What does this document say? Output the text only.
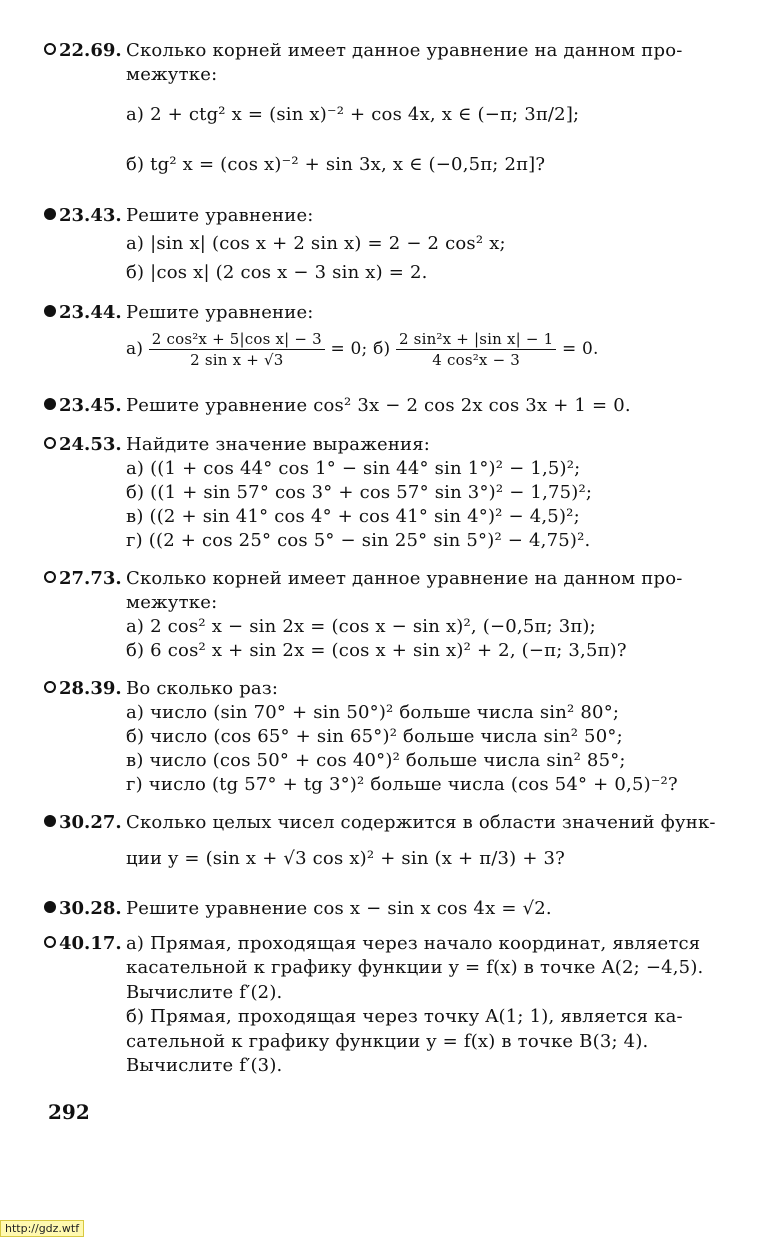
22.69. Сколько корней имеет данное уравнение на данном про-
межутке:
а) 2 + ctg² x = (sin x)⁻² + cos 4x, x ∈ (−π; 3π/2];
б) tg² x = (cos x)⁻² + sin 3x, x ∈ (−0,5π; 2π]?
23.43. Решите уравнение:
а) |sin x| (cos x + 2 sin x) = 2 − 2 cos² x;
б) |cos x| (2 cos x − 3 sin x) = 2.
23.44. Решите уравнение:
$а) \frac{\text{2 cos²x + 5|cos x| − 3}}{\text{2 sin x + √3}} = 0$; $б) \frac{\text{2 sin²x + |sin x| − 1}}{\text{4 cos²x − 3}} = 0$.
23.45. Решите уравнение cos² 3x − 2 cos 2x cos 3x + 1 = 0.
24.53. Найдите значение выражения:
а) ((1 + cos 44° cos 1° − sin 44° sin 1°)² − 1,5)²;
б) ((1 + sin 57° cos 3° + cos 57° sin 3°)² − 1,75)²;
в) ((2 + sin 41° cos 4° + cos 41° sin 4°)² − 4,5)²;
г) ((2 + cos 25° cos 5° − sin 25° sin 5°)² − 4,75)².
27.73. Сколько корней имеет данное уравнение на данном про-
межутке:
а) 2 cos² x − sin 2x = (cos x − sin x)², (−0,5π; 3π);
б) 6 cos² x + sin 2x = (cos x + sin x)² + 2, (−π; 3,5π)?
28.39. Во сколько раз:
а) число (sin 70° + sin 50°)² больше числа sin² 80°;
б) число (cos 65° + sin 65°)² больше числа sin² 50°;
в) число (cos 50° + cos 40°)² больше числа sin² 85°;
г) число (tg 57° + tg 3°)² больше числа (cos 54° + 0,5)⁻²?
30.27. Сколько целых чисел содержится в области значений функ-
ции y = (sin x + √3 cos x)² + sin (x + π/3) + 3?
30.28. Решите уравнение cos x − sin x cos 4x = √2.
40.17. а) Прямая, проходящая через начало координат, является
касательной к графику функции y = f(x) в точке A(2; −4,5).
Вычислите f′(2).
б) Прямая, проходящая через точку A(1; 1), является ка-
сательной к графику функции y = f(x) в точке B(3; 4).
Вычислите f′(3).
292
http://gdz.wtf
